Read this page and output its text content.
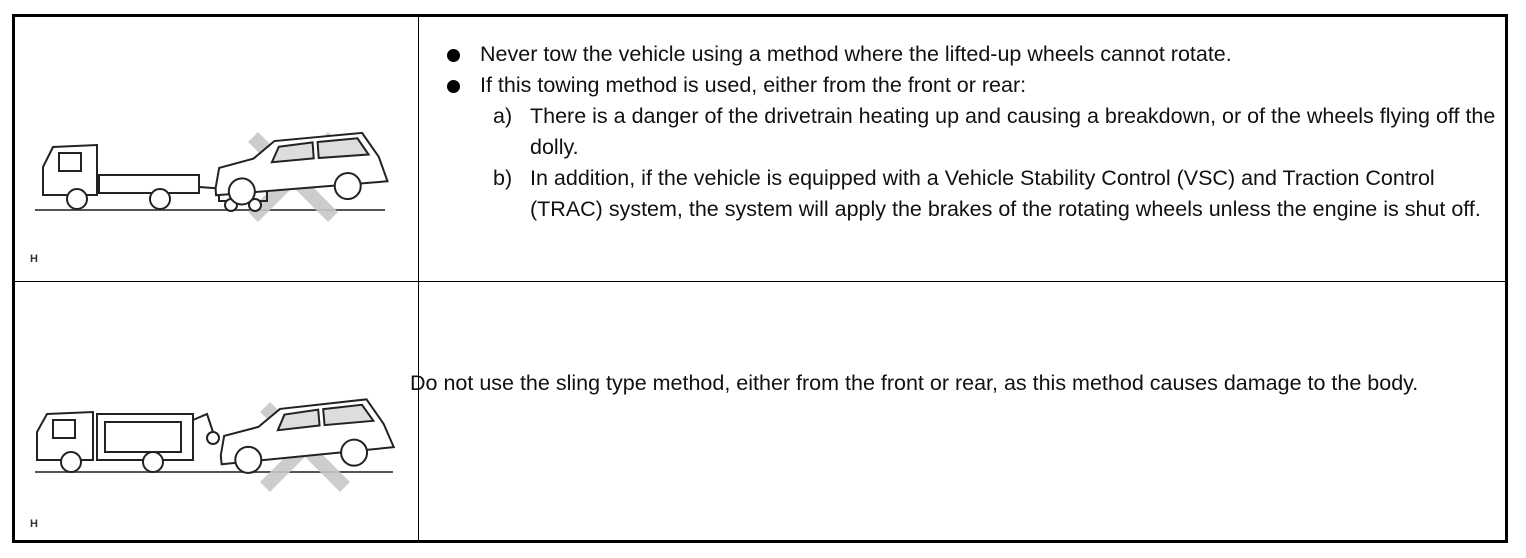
H
Never tow the vehicle using a method where the lifted-up wheels cannot rotate.
If this towing method is used, either from the front or rear:
a) There is a danger of the drivetrain heating up and causing a breakdown, or of the wheels flying off the dolly.
b) In addition, if the vehicle is equipped with a Vehicle Stability Control (VSC) and Traction Control (TRAC) system, the system will apply the brakes of the rotating wheels unless the engine is shut off.
H
Do not use the sling type method, either from the front or rear, as this method causes damage to the body.
